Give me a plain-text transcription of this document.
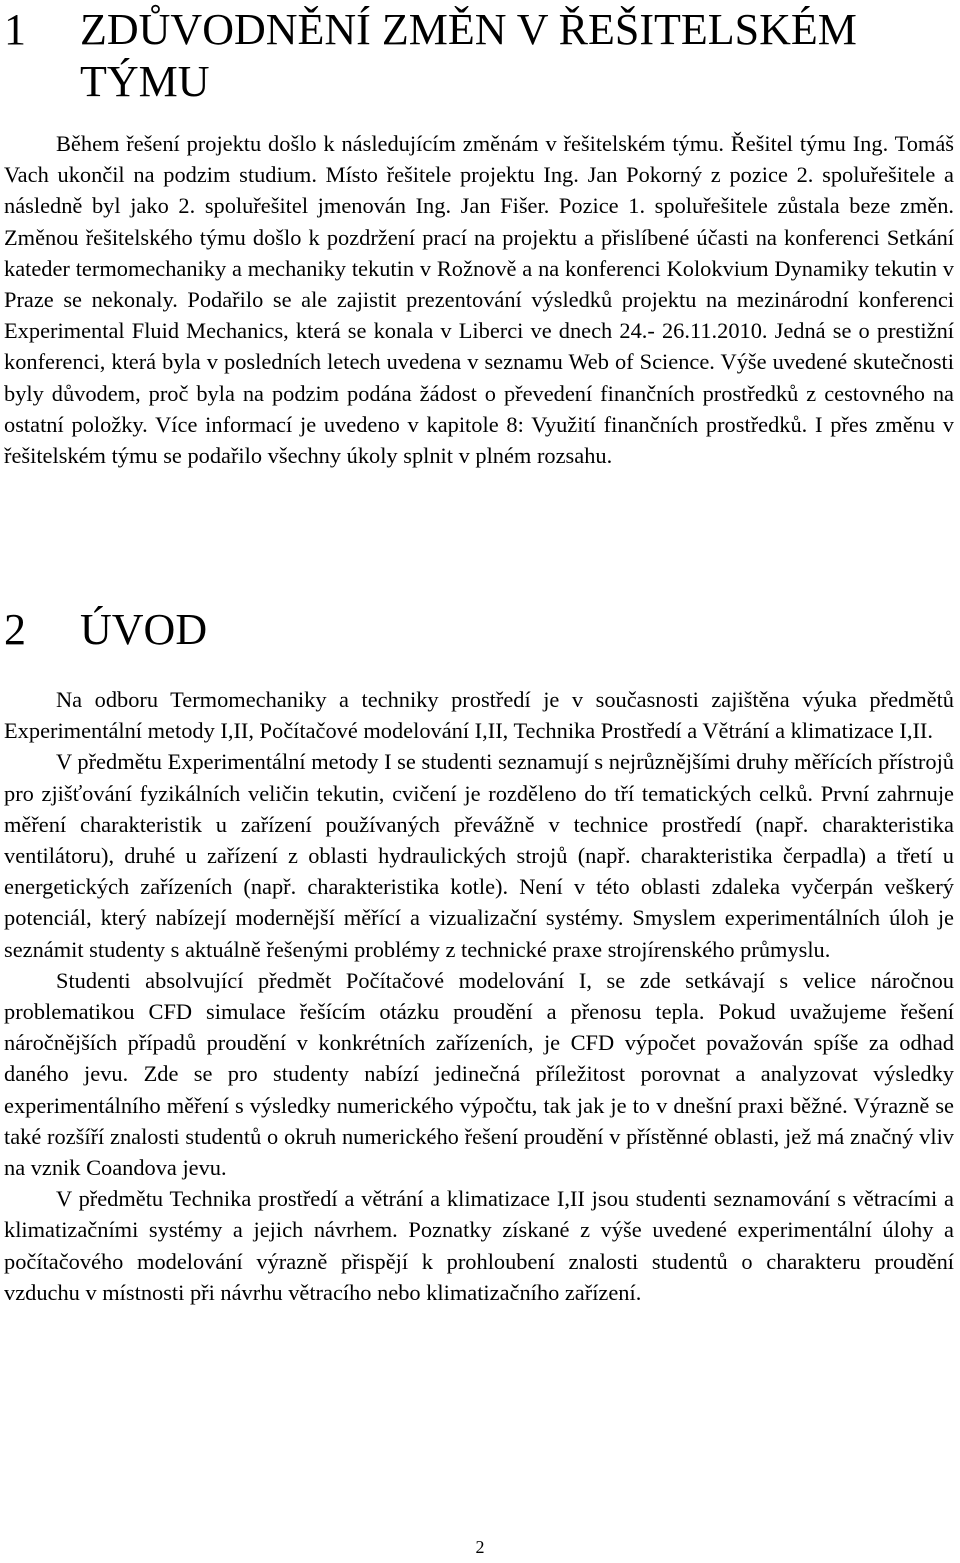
1	ZDŮVODNĚNÍ ZMĚN V ŘEŠITELSKÉM TÝMU

Během řešení projektu došlo k následujícím změnám v řešitelském týmu. Řešitel týmu Ing. Tomáš Vach ukončil na podzim studium. Místo řešitele projektu Ing. Jan Pokorný z pozice 2. spoluřešitele a následně byl jako 2. spoluřešitel jmenován Ing. Jan Fišer. Pozice 1. spoluřešitele zůstala beze změn. Změnou řešitelského týmu došlo k pozdržení prací na projektu a přislíbené účasti na konferenci Setkání kateder termomechaniky a mechaniky tekutin v Rožnově a na konferenci Kolokvium Dynamiky tekutin v Praze se nekonaly. Podařilo se ale zajistit prezentování výsledků projektu na mezinárodní konferenci Experimental Fluid Mechanics, která se konala v Liberci ve dnech 24.- 26.11.2010. Jedná se o prestižní konferenci, která byla v posledních letech uvedena v seznamu Web of Science. Výše uvedené skutečnosti byly důvodem, proč byla na podzim podána žádost o převedení finančních prostředků z cestovného na ostatní položky. Více informací je uvedeno v kapitole 8: Využití finančních prostředků. I přes změnu v řešitelském týmu se podařilo všechny úkoly splnit v plném rozsahu.

2	ÚVOD

Na odboru Termomechaniky a techniky prostředí je v současnosti zajištěna výuka předmětů Experimentální metody I,II, Počítačové modelování I,II, Technika Prostředí a Větrání a klimatizace I,II.

V předmětu Experimentální metody I se studenti seznamují s nejrůznějšími druhy měřících přístrojů pro zjišťování fyzikálních veličin tekutin, cvičení je rozděleno do tří tematických celků. První zahrnuje měření charakteristik u zařízení používaných převážně v technice prostředí (např. charakteristika ventilátoru), druhé u zařízení z oblasti hydraulických strojů (např. charakteristika čerpadla) a třetí u energetických zařízeních (např. charakteristika kotle). Není v této oblasti zdaleka vyčerpán veškerý potenciál, který nabízejí modernější měřící a vizualizační systémy. Smyslem experimentálních úloh je seznámit studenty s aktuálně řešenými problémy z technické praxe strojírenského průmyslu.

Studenti absolvující předmět Počítačové modelování I, se zde setkávají s velice náročnou problematikou CFD simulace řešícím otázku proudění a přenosu tepla. Pokud uvažujeme řešení náročnějších případů proudění v konkrétních zařízeních, je CFD výpočet považován spíše za odhad daného jevu. Zde se pro studenty nabízí jedinečná příležitost porovnat a analyzovat výsledky experimentálního měření s výsledky numerického výpočtu, tak jak je to v dnešní praxi běžné. Výrazně se také rozšíří znalosti studentů o okruh numerického řešení proudění v přístěnné oblasti, jež má značný vliv na vznik Coandova jevu.

V předmětu Technika prostředí a větrání a klimatizace I,II jsou studenti seznamování s větracími a klimatizačními systémy a jejich návrhem. Poznatky získané z výše uvedené experimentální úlohy a počítačového modelování výrazně přispějí k prohloubení znalosti studentů o charakteru proudění vzduchu v místnosti při návrhu větracího nebo klimatizačního zařízení.

2
